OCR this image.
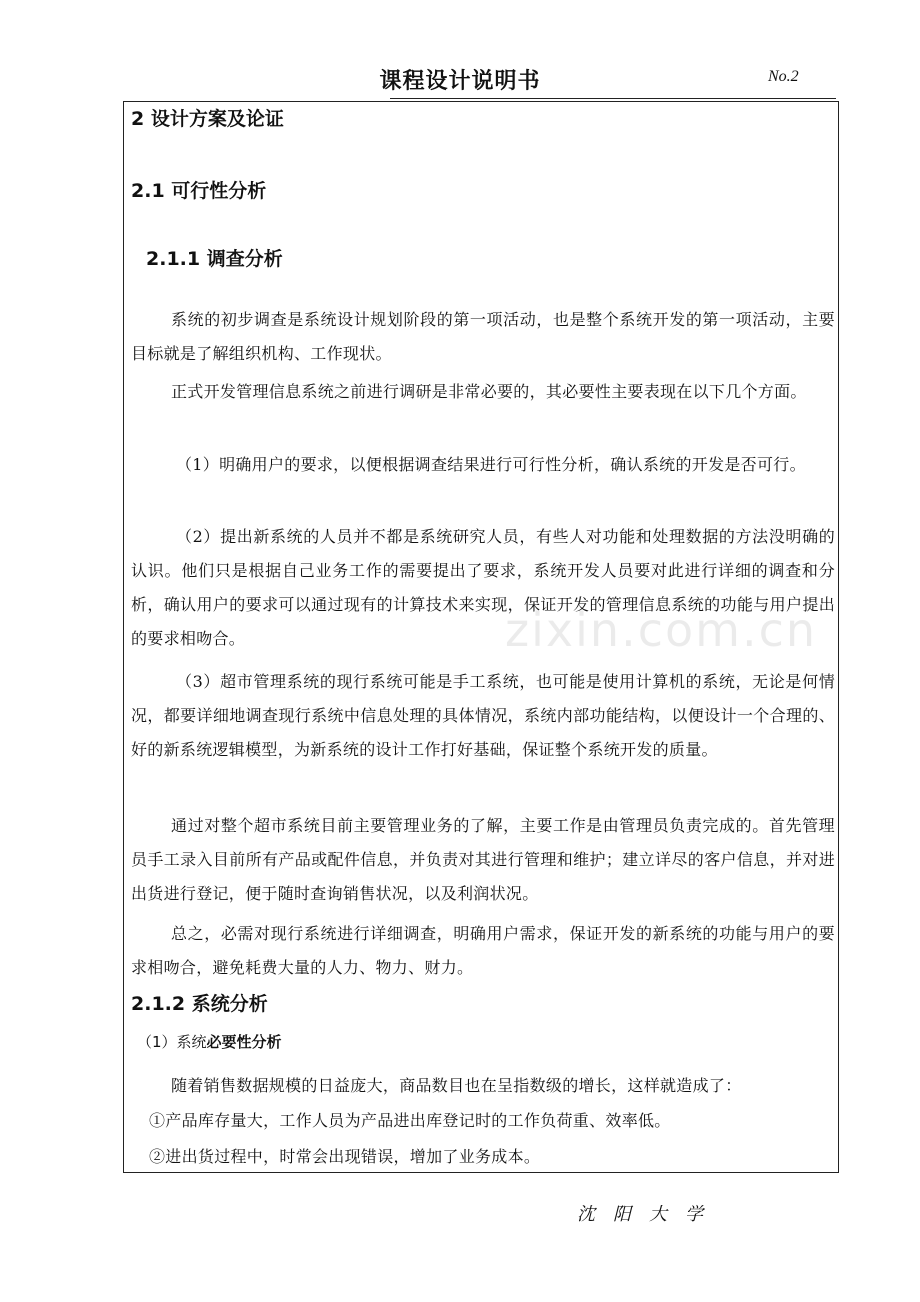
课程设计说明书	No.2
2 设计方案及论证
2.1 可行性分析
2.1.1 调查分析
系统的初步调查是系统设计规划阶段的第一项活动，也是整个系统开发的第一项活动，主要目标就是了解组织机构、工作现状。
正式开发管理信息系统之前进行调研是非常必要的，其必要性主要表现在以下几个方面。
（1）明确用户的要求，以便根据调查结果进行可行性分析，确认系统的开发是否可行。
（2）提出新系统的人员并不都是系统研究人员，有些人对功能和处理数据的方法没明确的认识。他们只是根据自己业务工作的需要提出了要求，系统开发人员要对此进行详细的调查和分析，确认用户的要求可以通过现有的计算技术来实现，保证开发的管理信息系统的功能与用户提出的要求相吻合。
（3）超市管理系统的现行系统可能是手工系统，也可能是使用计算机的系统，无论是何情况，都要详细地调查现行系统中信息处理的具体情况，系统内部功能结构，以便设计一个合理的、好的新系统逻辑模型，为新系统的设计工作打好基础，保证整个系统开发的质量。
通过对整个超市系统目前主要管理业务的了解，主要工作是由管理员负责完成的。首先管理员手工录入目前所有产品或配件信息，并负责对其进行管理和维护；建立详尽的客户信息，并对进出货进行登记，便于随时查询销售状况，以及利润状况。
总之，必需对现行系统进行详细调查，明确用户需求，保证开发的新系统的功能与用户的要求相吻合，避免耗费大量的人力、物力、财力。
2.1.2 系统分析
（1）系统必要性分析
随着销售数据规模的日益庞大，商品数目也在呈指数级的增长，这样就造成了：
①产品库存量大，工作人员为产品进出库登记时的工作负荷重、效率低。
②进出货过程中，时常会出现错误，增加了业务成本。
zixin.com.cn
沈阳大学
